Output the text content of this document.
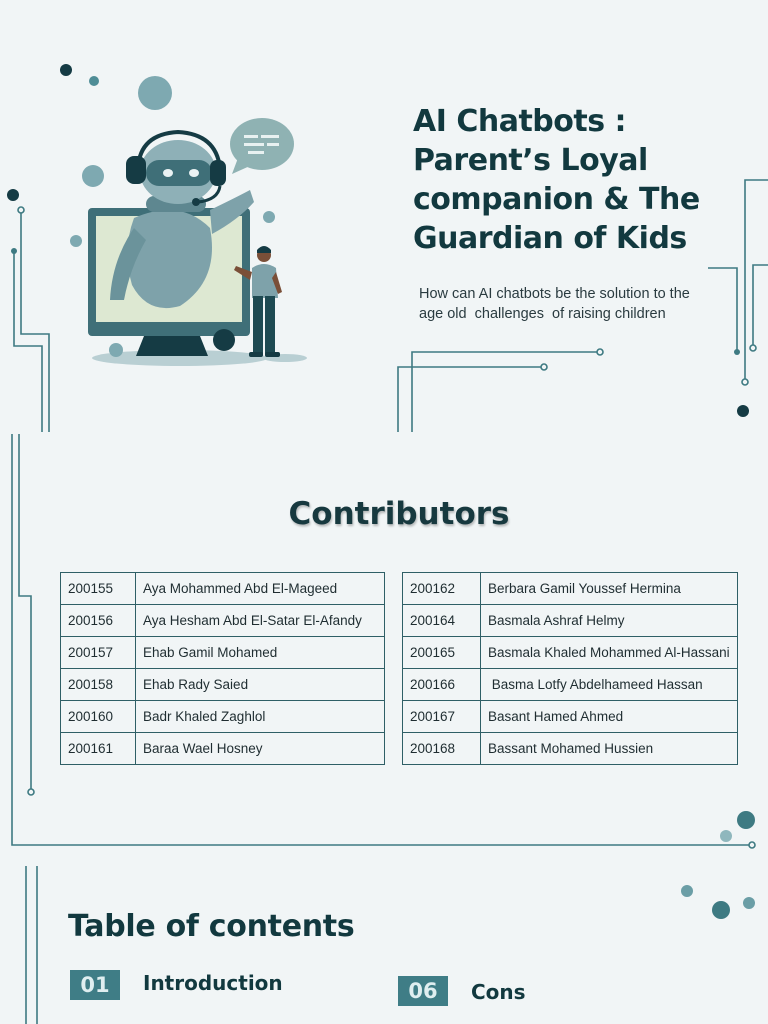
AI Chatbots :
Parent’s Loyal
companion & The
Guardian of Kids
How can AI chatbots be the solution to the
age old  challenges  of raising children
Contributors
200155	Aya Mohammed Abd El-Mageed
200156	Aya Hesham Abd El-Satar El-Afandy
200157	Ehab Gamil Mohamed
200158	Ehab Rady Saied
200160	Badr Khaled Zaghlol
200161	Baraa Wael Hosney
200162	Berbara Gamil Youssef Hermina
200164	Basmala Ashraf Helmy
200165	Basmala Khaled Mohammed Al-Hassani
200166	Basma Lotfy Abdelhameed Hassan
200167	Basant Hamed Ahmed
200168	Bassant Mohamed Hussien
Table of contents
01	Introduction	06	Cons
